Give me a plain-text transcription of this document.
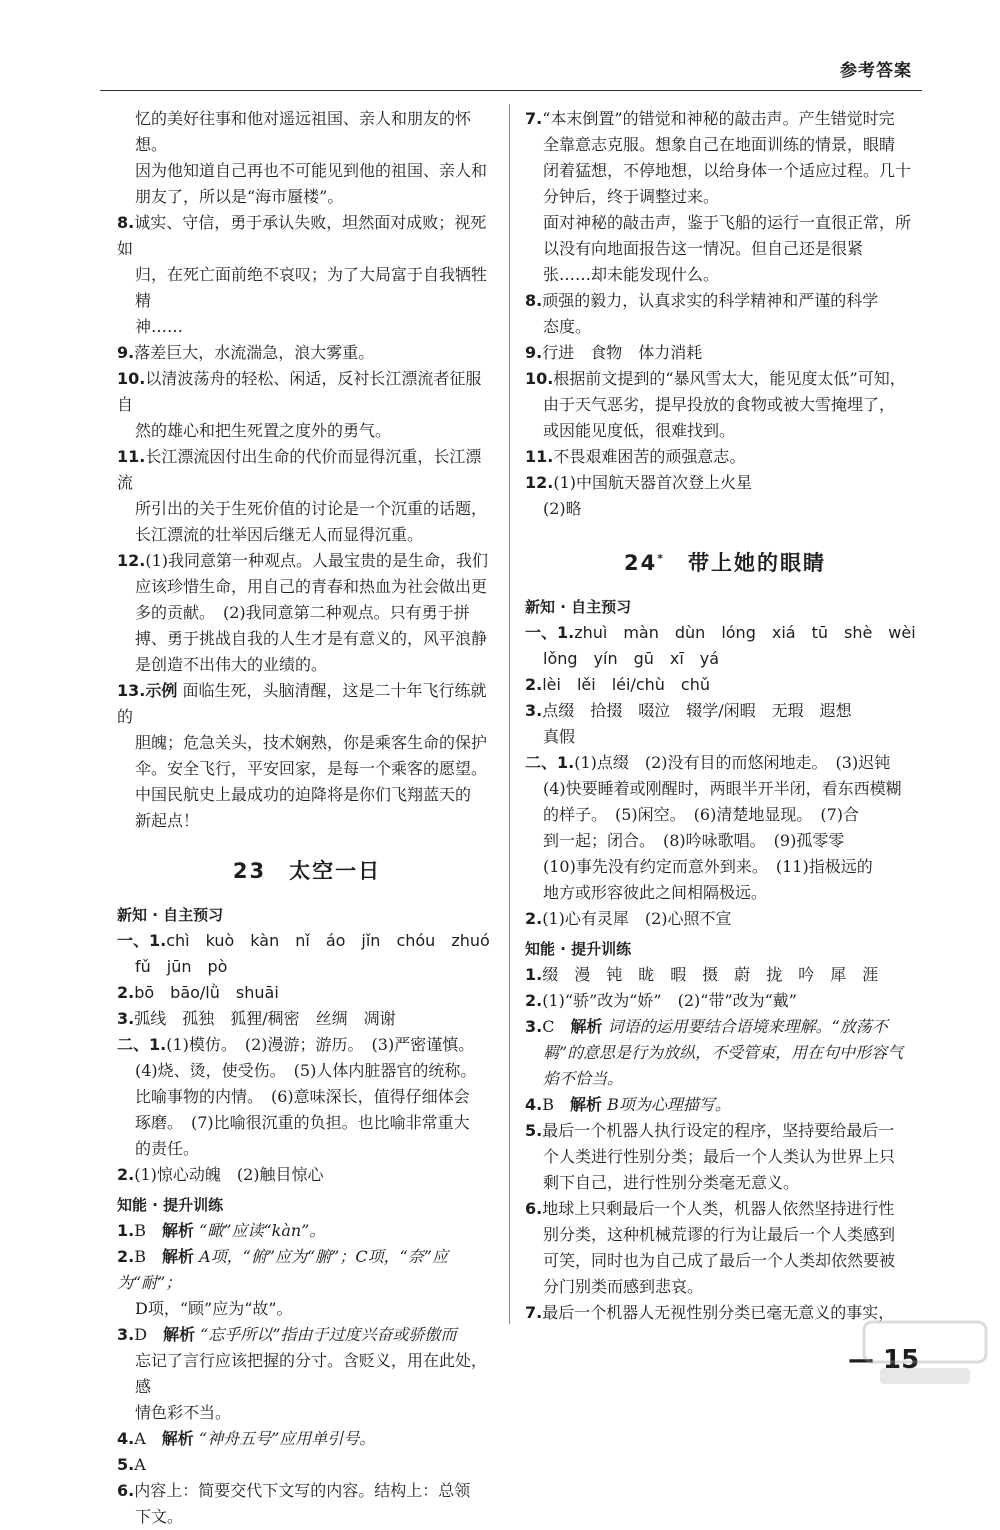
参考答案
忆的美好往事和他对遥远祖国、亲人和朋友的怀想。
因为他知道自己再也不可能见到他的祖国、亲人和
朋友了，所以是“海市蜃楼”。
8.诚实、守信，勇于承认失败，坦然面对成败；视死如
归，在死亡面前绝不哀叹；为了大局富于自我牺牲精
神……
9.落差巨大，水流湍急，浪大雾重。
10.以清波荡舟的轻松、闲适，反衬长江漂流者征服自
然的雄心和把生死置之度外的勇气。
11.长江漂流因付出生命的代价而显得沉重，长江漂流
所引出的关于生死价值的讨论是一个沉重的话题，
长江漂流的壮举因后继无人而显得沉重。
12.(1)我同意第一种观点。人最宝贵的是生命，我们
应该珍惜生命，用自己的青春和热血为社会做出更
多的贡献。　(2)我同意第二种观点。只有勇于拼
搏、勇于挑战自我的人生才是有意义的，风平浪静
是创造不出伟大的业绩的。
13.示例 面临生死，头脑清醒，这是二十年飞行练就的
胆魄；危急关头，技术娴熟，你是乘客生命的保护
伞。安全飞行，平安回家，是每一个乘客的愿望。
中国民航史上最成功的迫降将是你们飞翔蓝天的
新起点！
23　太空一日
新知 · 自主预习
一、1.chì　kuò　kàn　nǐ　áo　jǐn　chóu　zhuó
fǔ　jūn　pò
2.bō　bāo/lǜ　shuāi
3.弧线　孤独　狐狸/稠密　丝绸　凋谢
二、1.(1)模仿。　(2)漫游；游历。　(3)严密谨慎。
(4)烧、烫，使受伤。　(5)人体内脏器官的统称。
比喻事物的内情。　(6)意味深长，值得仔细体会
琢磨。　(7)比喻很沉重的负担。也比喻非常重大
的责任。
2.(1)惊心动魄　(2)触目惊心
知能 · 提升训练
1.B　解析 “瞰”应读“kàn”。
2.B　解析 A项，“俯”应为“腑”；C项，“奈”应为“耐”；
D项，“顾”应为“故”。
3.D　解析 “忘乎所以”指由于过度兴奋或骄傲而
忘记了言行应该把握的分寸。含贬义，用在此处，感
情色彩不当。
4.A　解析 “神舟五号”应用单引号。
5.A
6.内容上：简要交代下文写的内容。结构上：总领
下文。
7.“本末倒置”的错觉和神秘的敲击声。产生错觉时完
全靠意志克服。想象自己在地面训练的情景，眼睛
闭着猛想，不停地想，以给身体一个适应过程。几十
分钟后，终于调整过来。
面对神秘的敲击声，鉴于飞船的运行一直很正常，所
以没有向地面报告这一情况。但自己还是很紧
张……却未能发现什么。
8.顽强的毅力，认真求实的科学精神和严谨的科学
态度。
9.行进　食物　体力消耗
10.根据前文提到的“暴风雪太大，能见度太低”可知，
由于天气恶劣，提早投放的食物或被大雪掩埋了，
或因能见度低，很难找到。
11.不畏艰难困苦的顽强意志。
12.(1)中国航天器首次登上火星
(2)略
24*　带上她的眼睛
新知 · 自主预习
一、1.zhuì　màn　dùn　lóng　xiá　tū　shè　wèi
lǒng　yín　gū　xī　yá
2.lèi　lěi　léi/chù　chǔ
3.点缀　拾掇　啜泣　辍学/闲暇　无瑕　遐想
真假
二、1.(1)点缀　(2)没有目的而悠闲地走。　(3)迟钝
(4)快要睡着或刚醒时，两眼半开半闭，看东西模糊
的样子。　(5)闲空。　(6)清楚地显现。　(7)合
到一起；闭合。　(8)吟咏歌唱。　(9)孤零零
(10)事先没有约定而意外到来。　(11)指极远的
地方或形容彼此之间相隔极远。
2.(1)心有灵犀　(2)心照不宣
知能 · 提升训练
1.缀　漫　钝　眬　暇　摄　蔚　拢　吟　犀　涯
2.(1)“骄”改为“娇”　(2)“带”改为“戴”
3.C　解析 词语的运用要结合语境来理解。“放荡不
羁”的意思是行为放纵，不受管束，用在句中形容气
焰不恰当。
4.B　解析 B项为心理描写。
5.最后一个机器人执行设定的程序，坚持要给最后一
个人类进行性别分类；最后一个人类认为世界上只
剩下自己，进行性别分类毫无意义。
6.地球上只剩最后一个人类，机器人依然坚持进行性
别分类，这种机械荒谬的行为让最后一个人类感到
可笑，同时也为自己成了最后一个人类却依然要被
分门别类而感到悲哀。
7.最后一个机器人无视性别分类已毫无意义的事实，
— 15
